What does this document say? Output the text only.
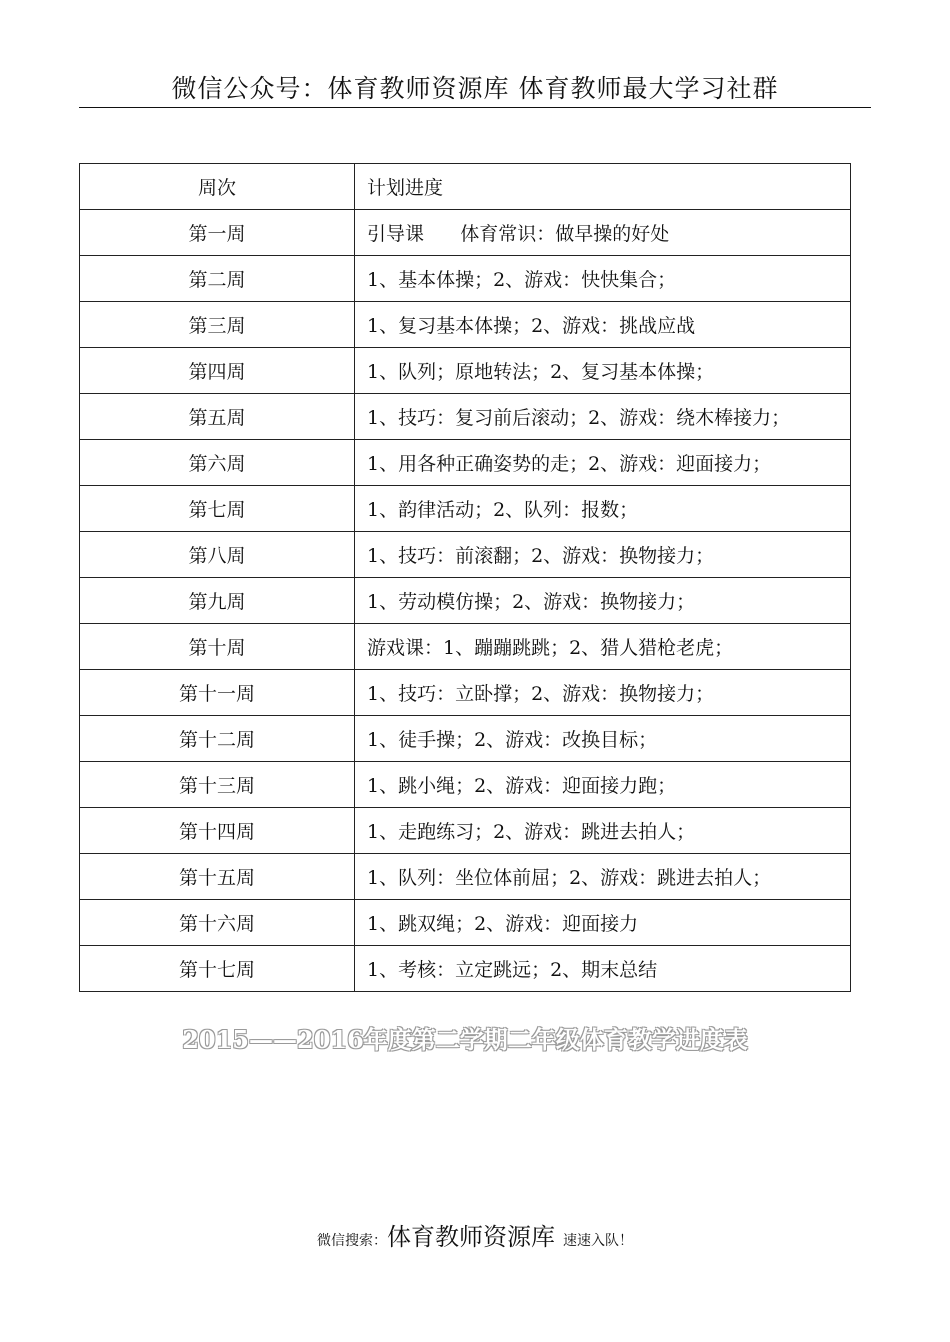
微信公众号：体育教师资源库 体育教师最大学习社群
周次	计划进度
第一周	引导课      体育常识：做早操的好处
第二周	1、基本体操；2、游戏：快快集合；
第三周	1、复习基本体操；2、游戏：挑战应战
第四周	1、队列；原地转法；2、复习基本体操；
第五周	1、技巧：复习前后滚动；2、游戏：绕木棒接力；
第六周	1、用各种正确姿势的走；2、游戏：迎面接力；
第七周	1、韵律活动；2、队列：报数；
第八周	1、技巧：前滚翻；2、游戏：换物接力；
第九周	1、劳动模仿操；2、游戏：换物接力；
第十周	游戏课：1、蹦蹦跳跳；2、猎人猎枪老虎；
第十一周	1、技巧：立卧撑；2、游戏：换物接力；
第十二周	1、徒手操；2、游戏：改换目标；
第十三周	1、跳小绳；2、游戏：迎面接力跑；
第十四周	1、走跑练习；2、游戏：跳进去拍人；
第十五周	1、队列：坐位体前屈；2、游戏：跳进去拍人；
第十六周	1、跳双绳；2、游戏：迎面接力
第十七周	1、考核：立定跳远；2、期末总结
2015——2016年度第二学期二年级体育教学进度表
微信搜索：体育教师资源库 速速入队！
